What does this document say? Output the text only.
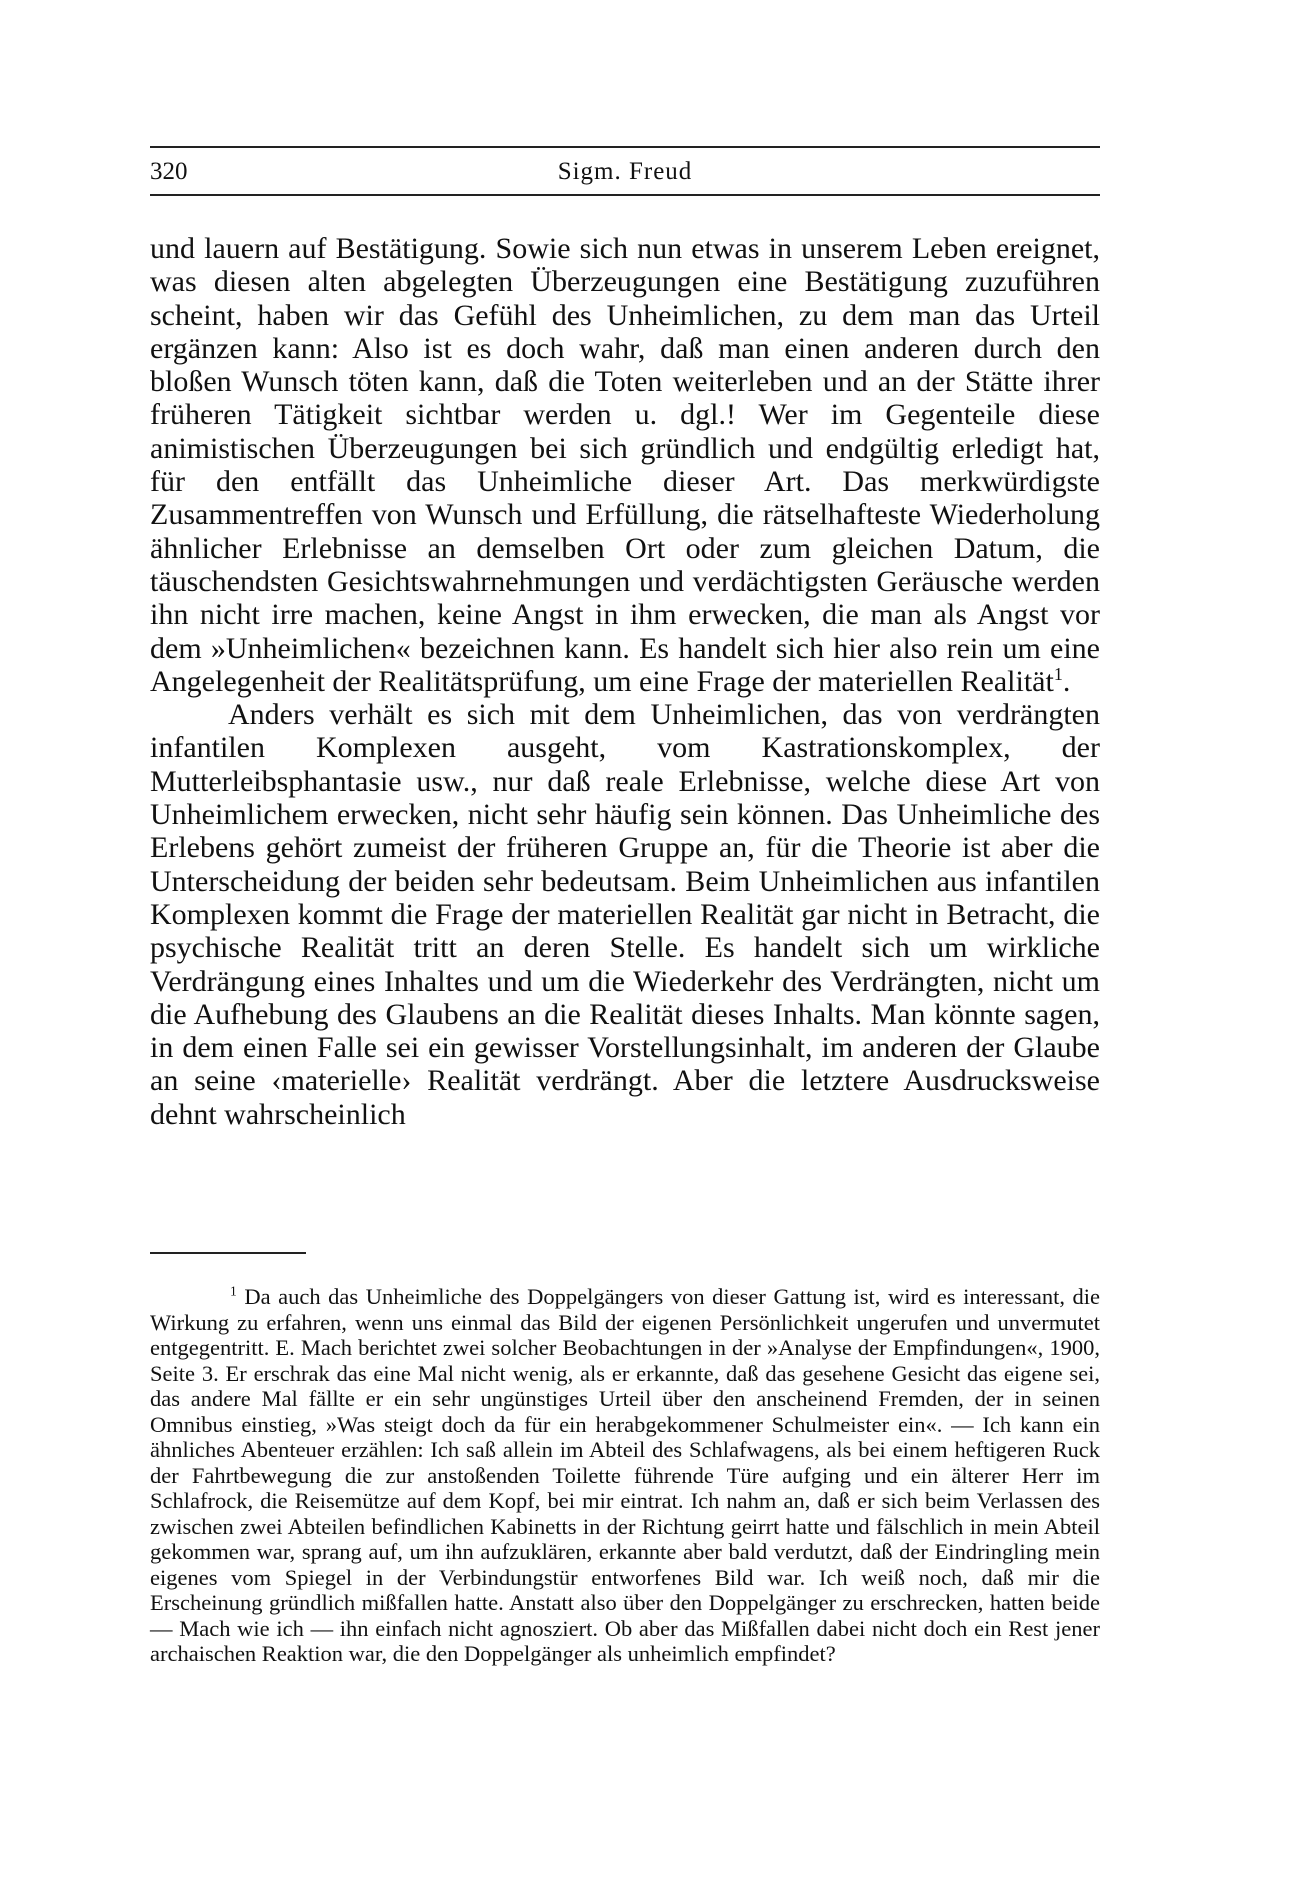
320	Sigm. Freud

und lauern auf Bestätigung. Sowie sich nun etwas in unserem Leben ereignet, was diesen alten abgelegten Überzeugungen eine Bestätigung zuzuführen scheint, haben wir das Gefühl des Unheimlichen, zu dem man das Urteil ergänzen kann: Also ist es doch wahr, daß man einen anderen durch den bloßen Wunsch töten kann, daß die Toten weiterleben und an der Stätte ihrer früheren Tätigkeit sichtbar werden u. dgl.! Wer im Gegenteile diese animistischen Überzeugungen bei sich gründlich und endgültig erledigt hat, für den entfällt das Unheimliche dieser Art. Das merkwürdigste Zusammentreffen von Wunsch und Erfüllung, die rätselhafteste Wiederholung ähnlicher Erlebnisse an demselben Ort oder zum gleichen Datum, die täuschendsten Gesichtswahrnehmungen und verdächtigsten Geräusche werden ihn nicht irre machen, keine Angst in ihm erwecken, die man als Angst vor dem »Unheimlichen« bezeichnen kann. Es handelt sich hier also rein um eine Angelegenheit der Realitätsprüfung, um eine Frage der materiellen Realität$^1$.

Anders verhält es sich mit dem Unheimlichen, das von verdrängten infantilen Komplexen ausgeht, vom Kastrationskomplex, der Mutterleibsphantasie usw., nur daß reale Erlebnisse, welche diese Art von Unheimlichem erwecken, nicht sehr häufig sein können. Das Unheimliche des Erlebens gehört zumeist der früheren Gruppe an, für die Theorie ist aber die Unterscheidung der beiden sehr bedeutsam. Beim Unheimlichen aus infantilen Komplexen kommt die Frage der materiellen Realität gar nicht in Betracht, die psychische Realität tritt an deren Stelle. Es handelt sich um wirkliche Verdrängung eines Inhaltes und um die Wiederkehr des Verdrängten, nicht um die Aufhebung des Glaubens an die Realität dieses Inhalts. Man könnte sagen, in dem einen Falle sei ein gewisser Vorstellungsinhalt, im anderen der Glaube an seine ‹materielle› Realität verdrängt. Aber die letztere Ausdrucksweise dehnt wahrscheinlich

$^1$ Da auch das Unheimliche des Doppelgängers von dieser Gattung ist, wird es interessant, die Wirkung zu erfahren, wenn uns einmal das Bild der eigenen Persönlichkeit ungerufen und unvermutet entgegentritt. E. Mach berichtet zwei solcher Beobachtungen in der »Analyse der Empfindungen«, 1900, Seite 3. Er erschrak das eine Mal nicht wenig, als er erkannte, daß das gesehene Gesicht das eigene sei, das andere Mal fällte er ein sehr ungünstiges Urteil über den anscheinend Fremden, der in seinen Omnibus einstieg, »Was steigt doch da für ein herabgekommener Schulmeister ein«. — Ich kann ein ähnliches Abenteuer erzählen: Ich saß allein im Abteil des Schlafwagens, als bei einem heftigeren Ruck der Fahrtbewegung die zur anstoßenden Toilette führende Türe aufging und ein älterer Herr im Schlafrock, die Reisemütze auf dem Kopf, bei mir eintrat. Ich nahm an, daß er sich beim Verlassen des zwischen zwei Abteilen befindlichen Kabinetts in der Richtung geirrt hatte und fälschlich in mein Abteil gekommen war, sprang auf, um ihn aufzuklären, erkannte aber bald verdutzt, daß der Eindringling mein eigenes vom Spiegel in der Verbindungstür entworfenes Bild war. Ich weiß noch, daß mir die Erscheinung gründlich mißfallen hatte. Anstatt also über den Doppelgänger zu erschrecken, hatten beide — Mach wie ich — ihn einfach nicht agnosziert. Ob aber das Mißfallen dabei nicht doch ein Rest jener archaischen Reaktion war, die den Doppelgänger als unheimlich empfindet?
